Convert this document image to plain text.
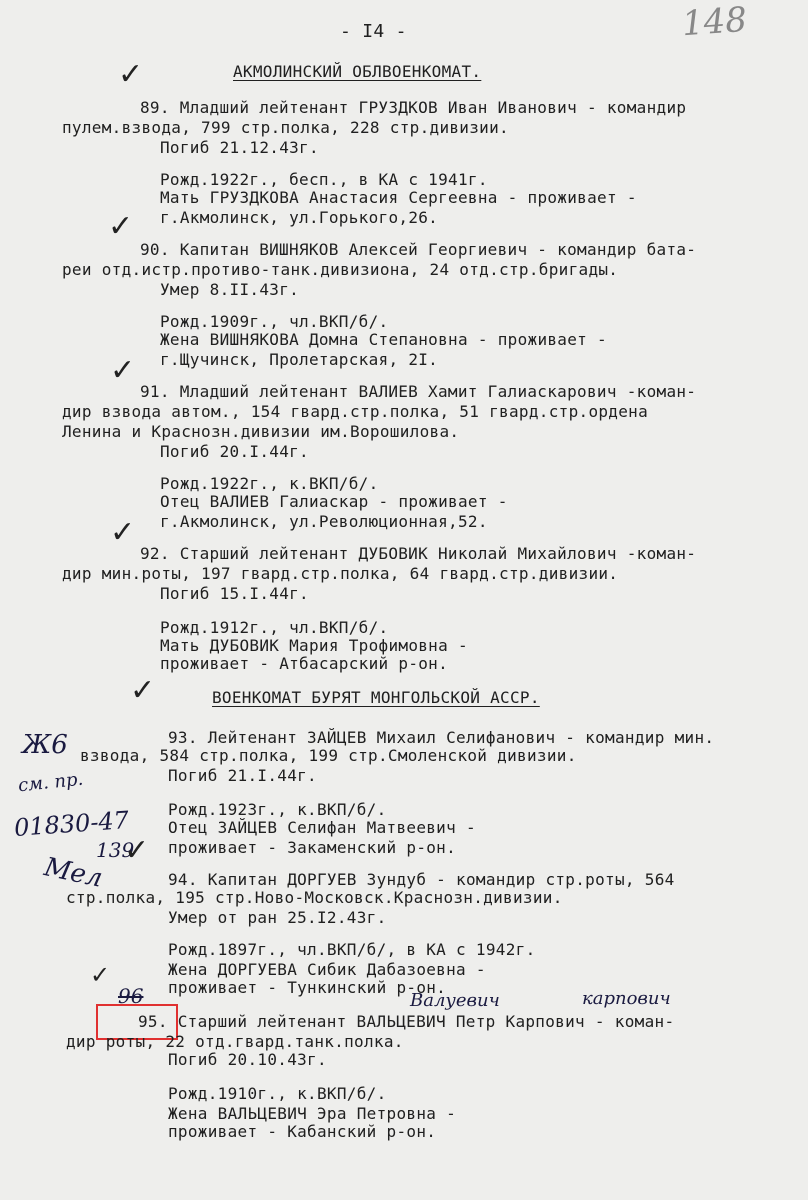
- I4 -	148
АКМОЛИНСКИЙ ОБЛВОЕНКОМАТ.
✓
89. Младший лейтенант ГРУЗДКОВ Иван Иванович - командир
пулем.взвода, 799 стр.полка, 228 стр.дивизии.
Погиб 21.12.43г.
Рожд.1922г., беcп., в КА с 1941г.
Мать ГРУЗДКОВА Анастасия Сергеевна - проживает -
г.Акмолинск, ул.Горького,26.
✓
90. Капитан ВИШНЯКОВ Алексей Георгиевич - командир бата-
реи отд.истр.противо-танк.дивизиона, 24 отд.стр.бригады.
Умер 8.II.43г.
Рожд.1909г., чл.ВКП/б/.
Жена ВИШНЯКОВА Домна Степановна - проживает -
г.Щучинск, Пролетарская, 2I.
✓
91. Младший лейтенант ВАЛИЕВ Хамит Галиаскарович -коман-
дир взвода автом., 154 гвард.стр.полка, 51 гвард.стр.ордена
Ленина и Краснозн.дивизии им.Ворошилова.
Погиб 20.I.44г.
Рожд.1922г., к.ВКП/б/.
Отец ВАЛИЕВ Галиаскар - проживает -
г.Акмолинск, ул.Революционная,52.
✓
92. Старший лейтенант ДУБОВИК Николай Михайлович -коман-
дир мин.роты, 197 гвард.стр.полка, 64 гвард.стр.дивизии.
Погиб 15.I.44г.
Рожд.1912г., чл.ВКП/б/.
Мать ДУБОВИК Мария Трофимовна -
проживает - Атбасарский р-он.
✓	ВОЕНКОМАТ БУРЯТ МОНГОЛЬСКОЙ АССР.
93. Лейтенант ЗАЙЦЕВ Михаил Селифанович - командир мин.
взвода, 584 стр.полка, 199 стр.Смоленской дивизии.
Погиб 21.I.44г.
Рожд.1923г., к.ВКП/б/.
Отец ЗАЙЦЕВ Селифан Матвеевич -
проживает - Закаменский р-он.
Ж6
см. пр.
01830-47
139
✓
Мел	94. Капитан ДОРГУЕВ Зундуб - командир стр.роты, 564
стр.полка, 195 стр.Ново-Московск.Краснозн.дивизии.
Умер от ран 25.I2.43г.
Рожд.1897г., чл.ВКП/б/, в КА с 1942г.
Жена ДОРГУЕВА Сибик Дабазоевна -
проживает - Тункинский р-он.
✓
96	Валуевич	карпович
95. Старший лейтенант ВАЛЬЦЕВИЧ Петр Карпович - коман-
дир роты, 22 отд.гвард.танк.полка.
Погиб 20.10.43г.
Рожд.1910г., к.ВКП/б/.
Жена ВАЛЬЦЕВИЧ Эра Петровна -
проживает - Кабанский р-он.
